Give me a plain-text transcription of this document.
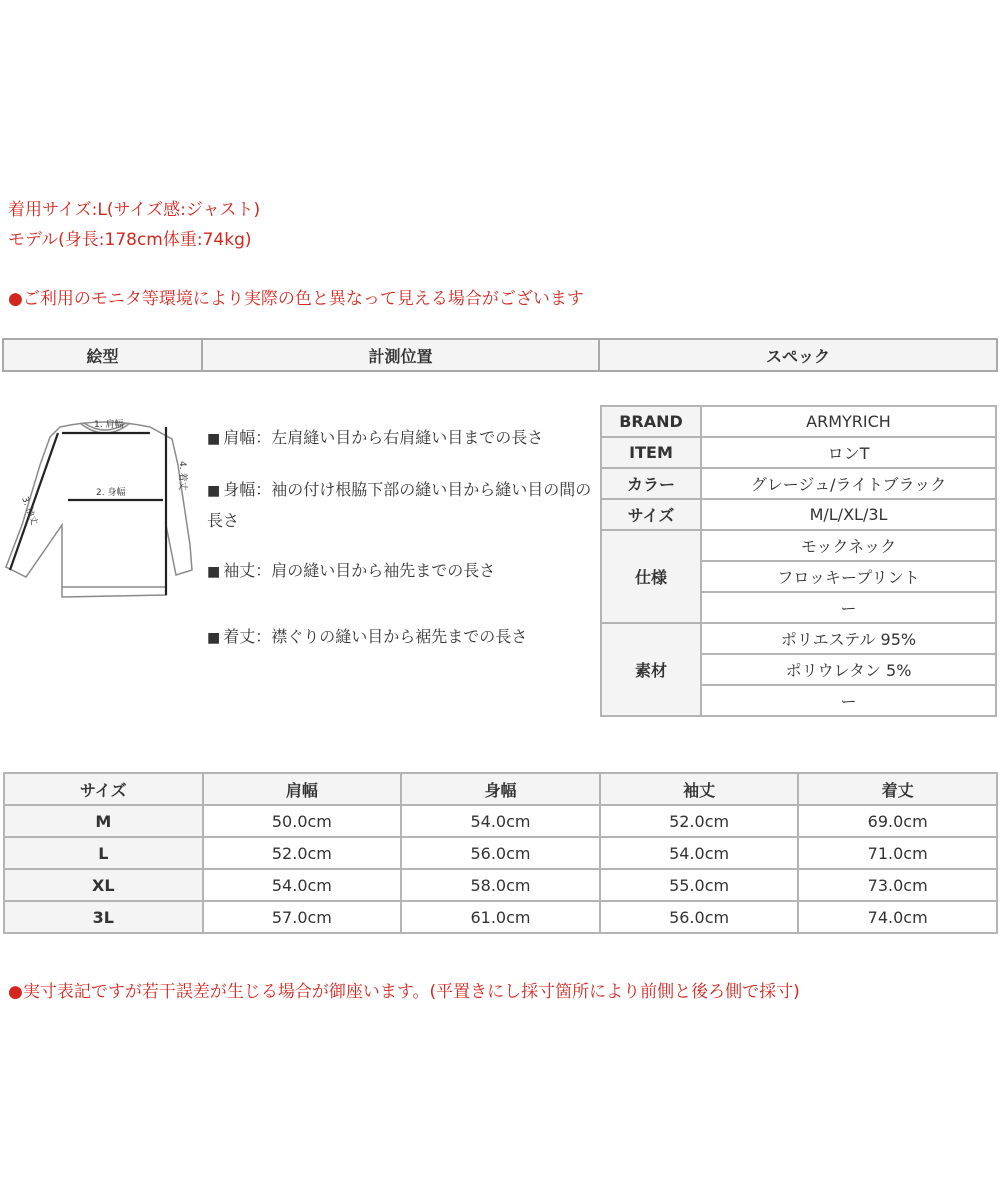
着用サイズ:L(サイズ感:ジャスト)
モデル(身長:178cm体重:74kg)
●ご利用のモニタ等環境により実際の色と異なって見える場合がございます
絵型	計測位置	スペック
1. 肩幅
2. 身幅
3. 袖丈
4. 着丈
■ 肩幅：左肩縫い目から右肩縫い目までの長さ
■ 身幅：袖の付け根脇下部の縫い目から縫い目の間の長さ
■ 袖丈：肩の縫い目から袖先までの長さ
■ 着丈：襟ぐりの縫い目から裾先までの長さ
BRAND	ARMYRICH
ITEM	ロンT
カラー	グレージュ/ライトブラック
サイズ	M/L/XL/3L
仕様	モックネック
	フロッキープリント
	ー
素材	ポリエステル 95%
	ポリウレタン 5%
	ー
サイズ	肩幅	身幅	袖丈	着丈
M	50.0cm	54.0cm	52.0cm	69.0cm
L	52.0cm	56.0cm	54.0cm	71.0cm
XL	54.0cm	58.0cm	55.0cm	73.0cm
3L	57.0cm	61.0cm	56.0cm	74.0cm
●実寸表記ですが若干誤差が生じる場合が御座います。(平置きにし採寸箇所により前側と後ろ側で採寸)
